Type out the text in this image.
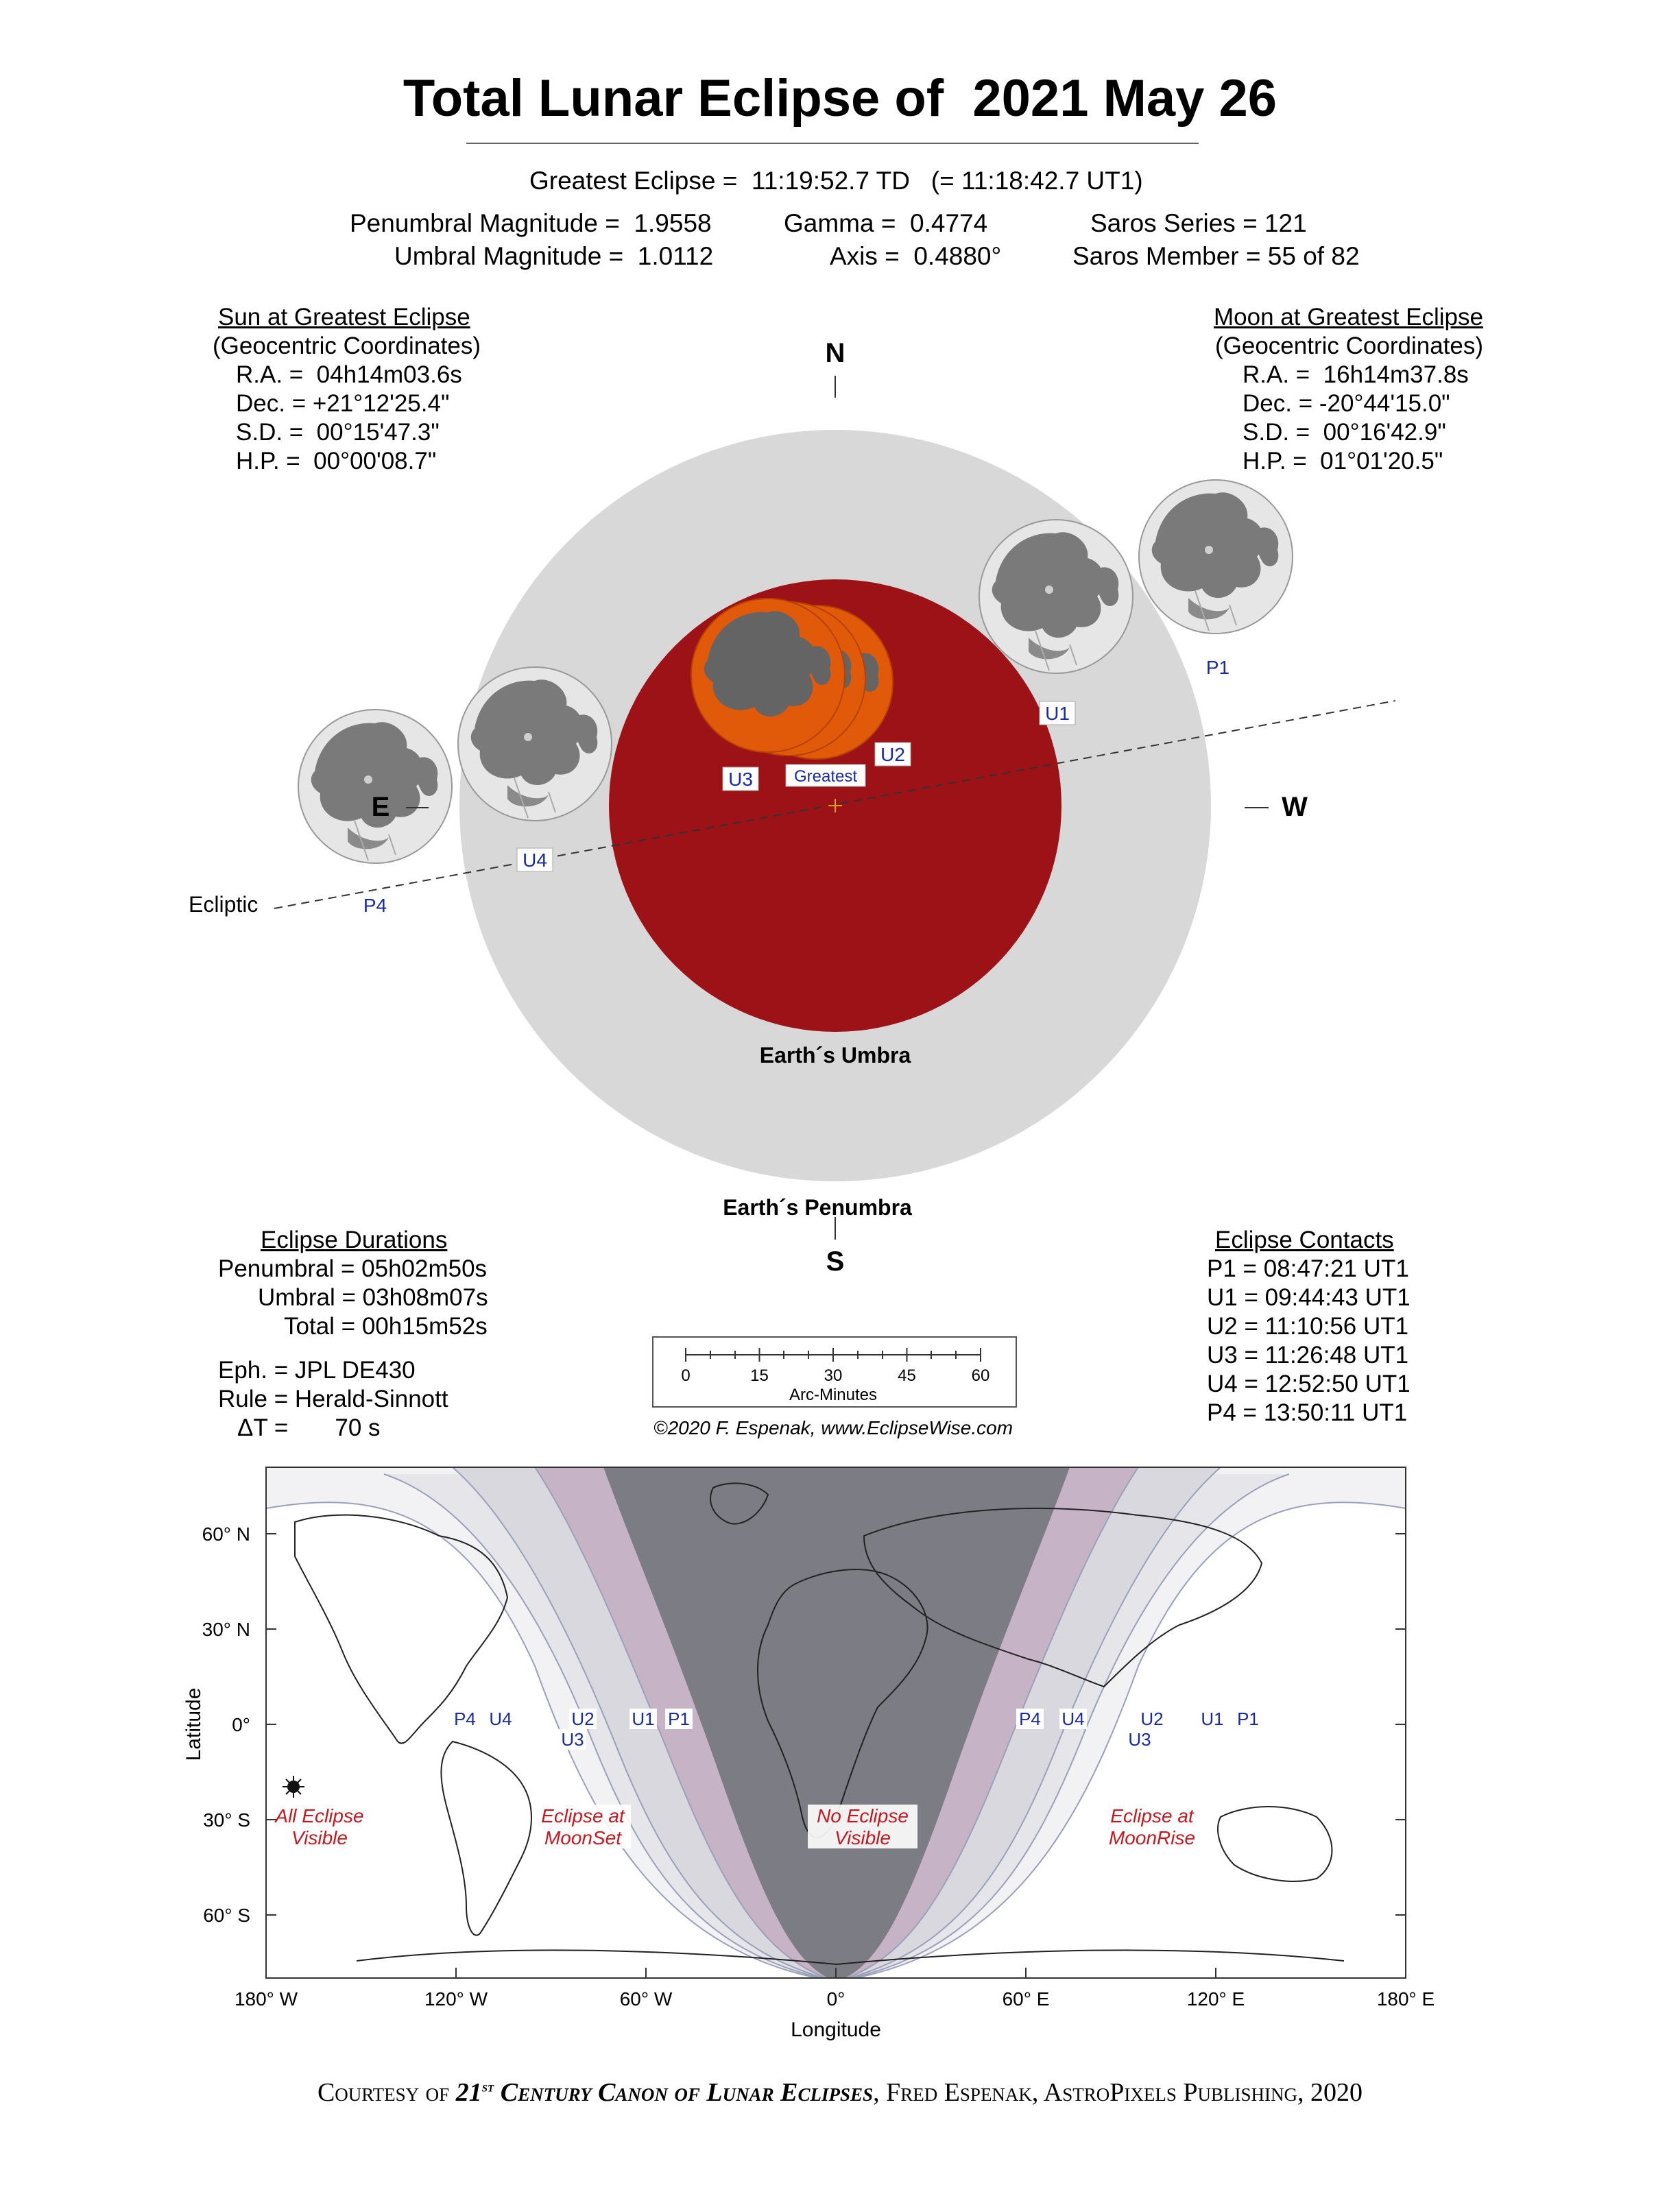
Total Lunar Eclipse of  2021 May 26
Greatest Eclipse =  11:19:52.7 TD   (= 11:18:42.7 UT1)
Penumbral Magnitude =  1.9558
Umbral Magnitude =  1.0112
Gamma =  0.4774
Axis =  0.4880°
Saros Series = 121
Saros Member = 55 of 82
Sun at Greatest Eclipse
(Geocentric Coordinates)
R.A. =  04h14m03.6s
Dec. = +21°12'25.4"
S.D. =  00°15'47.3"
H.P. =  00°00'08.7"
Moon at Greatest Eclipse
(Geocentric Coordinates)
R.A. =  16h14m37.8s
Dec. = -20°44'15.0"
S.D. =  00°16'42.9"
H.P. =  01°01'20.5"
Ecliptic
N
S
E	W
Earth´s Umbra
Earth´s Penumbra
P1
U1
U2
Greatest
U3
U4
P4
Eclipse Durations
Penumbral = 05h02m50s
Umbral = 03h08m07s
Total = 00h15m52s
Eph. = JPL DE430
Rule = Herald-Sinnott
ΔT =       70 s
Eclipse Contacts
P1 = 08:47:21 UT1
U1 = 09:44:43 UT1
U2 = 11:10:56 UT1
U3 = 11:26:48 UT1
U4 = 12:52:50 UT1
P4 = 13:50:11 UT1
0	15	30	45	60
Arc-Minutes
©2020 F. Espenak, www.EclipseWise.com
60° N
30° N
0°
30° S
60° S
Latitude
180° W	120° W	60° W	0°	60° E	120° E	180° E
Longitude
P4 U4	U2
U3
U1 P1	P4 U4	U2
U3
U1 P1
All Eclipse
Visible
Eclipse at
MoonSet
No Eclipse
Visible
Eclipse at
MoonRise
Courtesy of 21st Century Canon of Lunar Eclipses, Fred Espenak, AstroPixels Publishing, 2020
